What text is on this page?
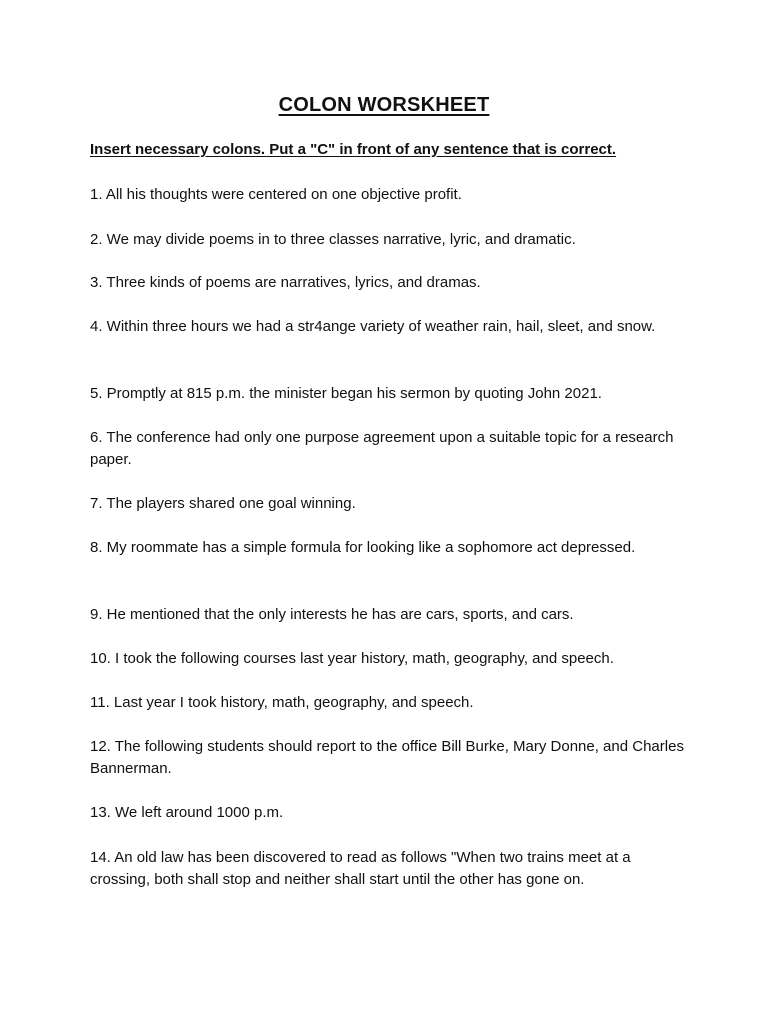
COLON WORSKHEET
Insert necessary colons. Put a "C" in front of any sentence that is correct.
1. All his thoughts were centered on one objective profit.
2. We may divide poems in to three classes narrative, lyric, and dramatic.
3. Three kinds of poems are narratives, lyrics, and dramas.
4. Within three hours we had a str4ange variety of weather rain, hail, sleet, and snow.
5. Promptly at 815 p.m. the minister began his sermon by quoting John 2021.
6. The conference had only one purpose agreement upon a suitable topic for a research paper.
7. The players shared one goal winning.
8. My roommate has a simple formula for looking like a sophomore act depressed.
9. He mentioned that the only interests he has are cars, sports, and cars.
10. I took the following courses last year history, math, geography, and speech.
11. Last year I took history, math, geography, and speech.
12. The following students should report to the office Bill Burke, Mary Donne, and Charles Bannerman.
13. We left around 1000 p.m.
14. An old law has been discovered to read as follows "When two trains meet at a crossing, both shall stop and neither shall start until the other has gone on.
